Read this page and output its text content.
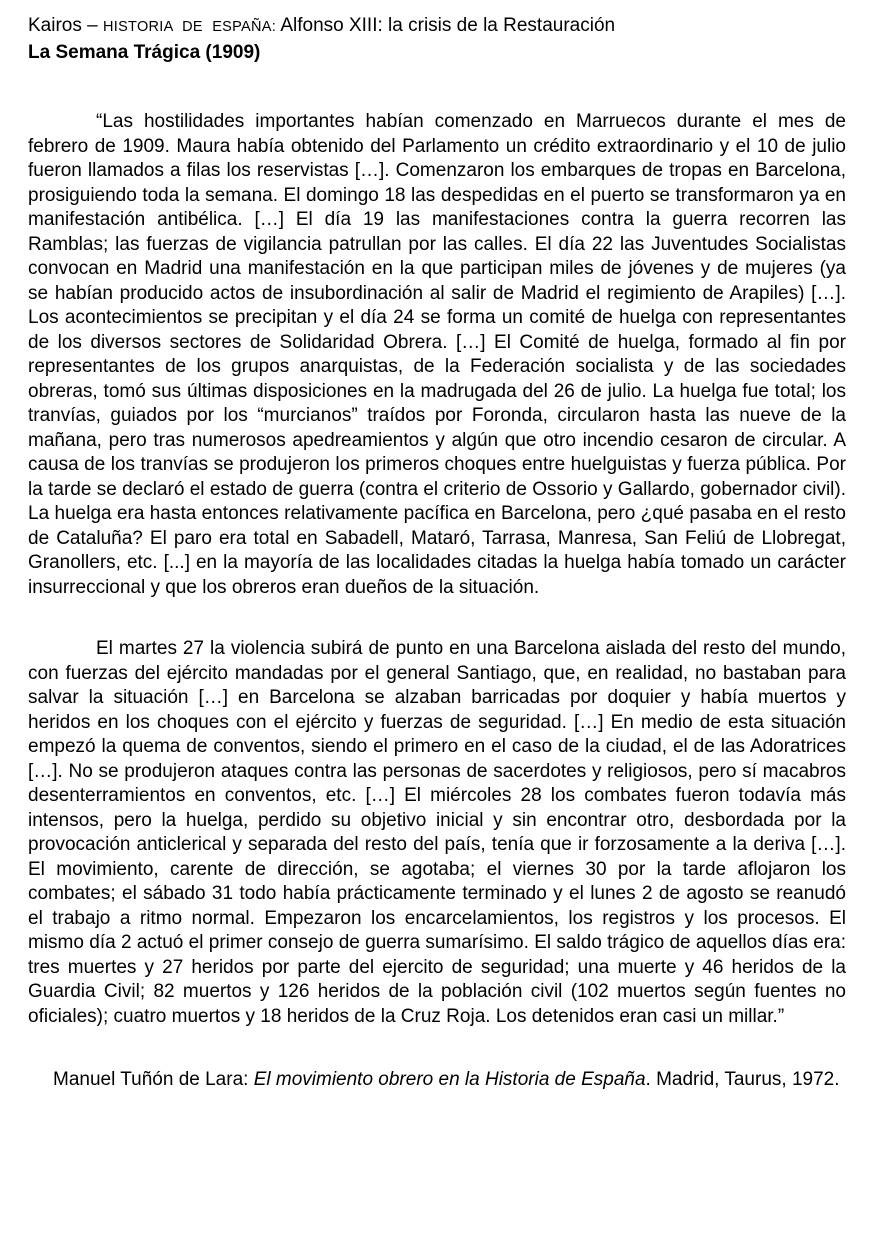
Kairos – HISTORIA DE ESPAÑA: Alfonso XIII: la crisis de la Restauración

La Semana Trágica (1909)

“Las hostilidades importantes habían comenzado en Marruecos durante el mes de febrero de 1909. Maura había obtenido del Parlamento un crédito extraordinario y el 10 de julio fueron llamados a filas los reservistas […]. Comenzaron los embarques de tropas en Barcelona, prosiguiendo toda la semana. El domingo 18 las despedidas en el puerto se transformaron ya en manifestación antibélica. […] El día 19 las manifestaciones contra la guerra recorren las Ramblas; las fuerzas de vigilancia patrullan por las calles. El día 22 las Juventudes Socialistas convocan en Madrid una manifestación en la que participan miles de jóvenes y de mujeres (ya se habían producido actos de insubordinación al salir de Madrid el regimiento de Arapiles) […]. Los acontecimientos se precipitan y el día 24 se forma un comité de huelga con representantes de los diversos sectores de Solidaridad Obrera. […] El Comité de huelga, formado al fin por representantes de los grupos anarquistas, de la Federación socialista y de las sociedades obreras, tomó sus últimas disposiciones en la madrugada del 26 de julio. La huelga fue total; los tranvías, guiados por los “murcianos” traídos por Foronda, circularon hasta las nueve de la mañana, pero tras numerosos apedreamientos y algún que otro incendio cesaron de circular. A causa de los tranvías se produjeron los primeros choques entre huelguistas y fuerza pública. Por la tarde se declaró el estado de guerra (contra el criterio de Ossorio y Gallardo, gobernador civil). La huelga era hasta entonces relativamente pacífica en Barcelona, pero ¿qué pasaba en el resto de Cataluña? El paro era total en Sabadell, Mataró, Tarrasa, Manresa, San Feliú de Llobregat, Granollers, etc. [...] en la mayoría de las localidades citadas la huelga había tomado un carácter insurreccional y que los obreros eran dueños de la situación.

El martes 27 la violencia subirá de punto en una Barcelona aislada del resto del mundo, con fuerzas del ejército mandadas por el general Santiago, que, en realidad, no bastaban para salvar la situación […] en Barcelona se alzaban barricadas por doquier y había muertos y heridos en los choques con el ejército y fuerzas de seguridad. […] En medio de esta situación empezó la quema de conventos, siendo el primero en el caso de la ciudad, el de las Adoratrices […]. No se produjeron ataques contra las personas de sacerdotes y religiosos, pero sí macabros desenterramientos en conventos, etc. […] El miércoles 28 los combates fueron todavía más intensos, pero la huelga, perdido su objetivo inicial y sin encontrar otro, desbordada por la provocación anticlerical y separada del resto del país, tenía que ir forzosamente a la deriva […]. El movimiento, carente de dirección, se agotaba; el viernes 30 por la tarde aflojaron los combates; el sábado 31 todo había prácticamente terminado y el lunes 2 de agosto se reanudó el trabajo a ritmo normal. Empezaron los encarcelamientos, los registros y los procesos. El mismo día 2 actuó el primer consejo de guerra sumarísimo. El saldo trágico de aquellos días era: tres muertes y 27 heridos por parte del ejercito de seguridad; una muerte y 46 heridos de la Guardia Civil; 82 muertos y 126 heridos de la población civil (102 muertos según fuentes no oficiales); cuatro muertos y 18 heridos de la Cruz Roja. Los detenidos eran casi un millar.”

Manuel Tuñón de Lara: El movimiento obrero en la Historia de España. Madrid, Taurus, 1972.
